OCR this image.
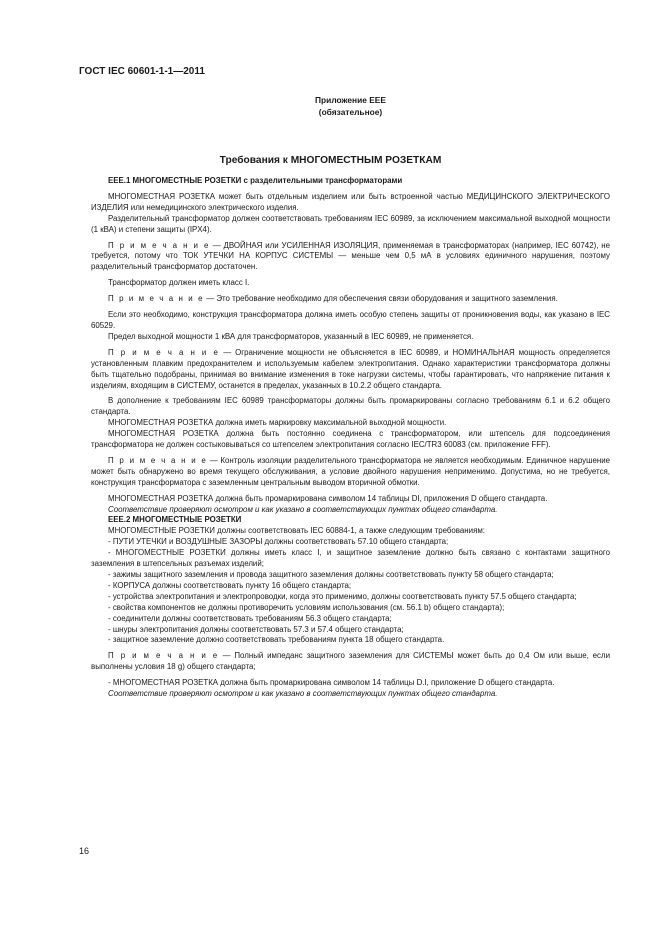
ГОСТ IEC 60601-1-1—2011
Приложение ЕЕЕ
(обязательное)
Требования к МНОГОМЕСТНЫМ РОЗЕТКАМ

ЕЕЕ.1 МНОГОМЕСТНЫЕ РОЗЕТКИ с разделительными трансформаторами

МНОГОМЕСТНАЯ РОЗЕТКА может быть отдельным изделием или быть встроенной частью МЕДИЦИНСКОГО ЭЛЕКТРИЧЕСКОГО ИЗДЕЛИЯ или немедицинского электрического изделия.

Разделительный трансформатор должен соответствовать требованиям IEC 60989, за исключением максимальной выходной мощности (1 кВА) и степени защиты (IPX4).

П р и м е ч а н и е — ДВОЙНАЯ или УСИЛЕННАЯ ИЗОЛЯЦИЯ, применяемая в трансформаторах (например, IEC 60742), не требуется, потому что ТОК УТЕЧКИ НА КОРПУС СИСТЕМЫ — меньше чем 0,5 мА в условиях единичного нарушения, поэтому разделительный трансформатор достаточен.

Трансформатор должен иметь класс I.

П р и м е ч а н и е — Это требование необходимо для обеспечения связи оборудования и защитного заземления.

Если это необходимо, конструкция трансформатора должна иметь особую степень защиты от проникновения воды, как указано в IEC 60529.

Предел выходной мощности 1 кВА для трансформаторов, указанный в IEC 60989, не применяется.

П р и м е ч а н и е — Ограничение мощности не объясняется в IEC 60989, и НОМИНАЛЬНАЯ мощность определяется установленным плавким предохранителем и используемым кабелем электропитания. Однако характеристики трансформатора должны быть тщательно подобраны, принимая во внимание изменения в токе нагрузки системы, чтобы гарантировать, что напряжение питания к изделиям, входящим в СИСТЕМУ, останется в пределах, указанных в 10.2.2 общего стандарта.

В дополнение к требованиям IEC 60989 трансформаторы должны быть промаркированы согласно требованиям 6.1 и 6.2 общего стандарта.

МНОГОМЕСТНАЯ РОЗЕТКА должна иметь маркировку максимальной выходной мощности.

МНОГОМЕСТНАЯ РОЗЕТКА должна быть постоянно соединена с трансформатором, или штепсель для подсоединения трансформатора не должен состыковываться со штепселем электропитания согласно IEC/TR3 60083 (см. приложение FFF).

П р и м е ч а н и е — Контроль изоляции разделительного трансформатора не является необходимым. Единичное нарушение может быть обнаружено во время текущего обслуживания, а условие двойного нарушения неприменимо. Допустима, но не требуется, конструкция трансформатора с заземленным центральным выводом вторичной обмотки.

МНОГОМЕСТНАЯ РОЗЕТКА должна быть промаркирована символом 14 таблицы DI, приложения D общего стандарта.

Соответствие проверяют осмотром и как указано в соответствующих пунктах общего стандарта.

ЕЕЕ.2 МНОГОМЕСТНЫЕ РОЗЕТКИ

МНОГОМЕСТНЫЕ РОЗЕТКИ должны соответствовать IEC 60884-1, а также следующим требованиям:

- ПУТИ УТЕЧКИ и ВОЗДУШНЫЕ ЗАЗОРЫ должны соответствовать 57.10 общего стандарта;

- МНОГОМЕСТНЫЕ РОЗЕТКИ должны иметь класс I, и защитное заземление должно быть связано с контактами защитного заземления в штепсельных разъемах изделий;

- зажимы защитного заземления и провода защитного заземления должны соответствовать пункту 58 общего стандарта;

- КОРПУСА должны соответствовать пункту 16 общего стандарта;

- устройства электропитания и электропроводки, когда это применимо, должны соответствовать пункту 57.5 общего стандарта;

- свойства компонентов не должны противоречить условиям использования (см. 56.1 b) общего стандарта);

- соединители должны соответствовать требованиям 56.3 общего стандарта;

- шнуры электропитания должны соответствовать 57.3 и 57.4 общего стандарта;

- защитное заземление должно соответствовать требованиям пункта 18 общего стандарта.

П р и м е ч а н и е — Полный импеданс защитного заземления для СИСТЕМЫ может быть до 0,4 Ом или выше, если выполнены условия 18 g) общего стандарта;

- МНОГОМЕСТНАЯ РОЗЕТКА должна быть промаркирована символом 14 таблицы D.I, приложение D общего стандарта.

Соответствие проверяют осмотром и как указано в соответствующих пунктах общего стандарта.

16
